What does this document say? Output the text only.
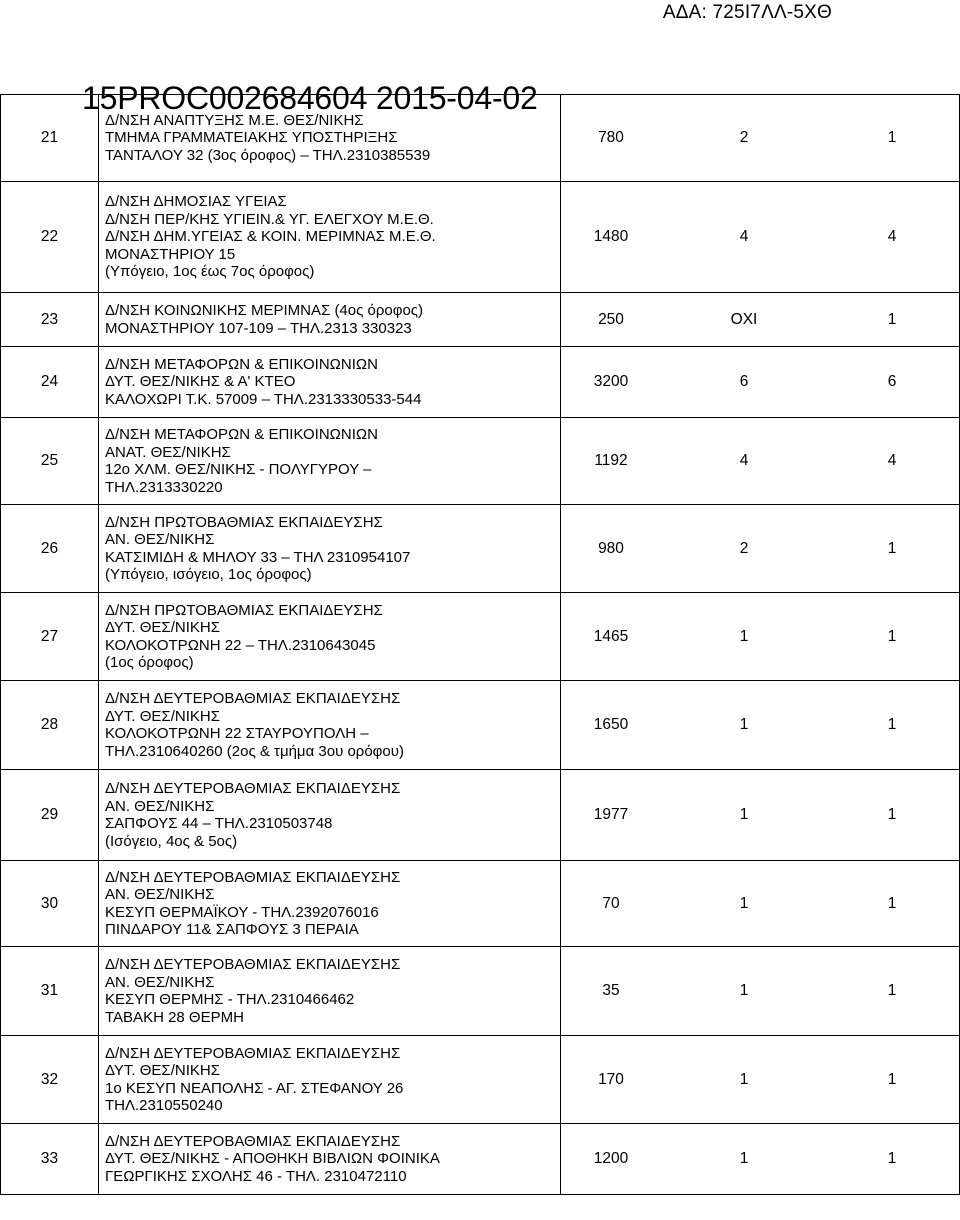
ΑΔΑ: 725Ι7ΛΛ-5ΧΘ
21	Δ/ΝΣΗ ΑΝΑΠΤΥΞΗΣ Μ.Ε. ΘΕΣ/ΝΙΚΗΣ
ΤΜΗΜΑ ΓΡΑΜΜΑΤΕΙΑΚΗΣ ΥΠΟΣΤΗΡΙΞΗΣ
ΤΑΝΤΑΛΟΥ 32 (3ος όροφος) – ΤΗΛ.2310385539	780 2 1

22	Δ/ΝΣΗ ΔΗΜΟΣΙΑΣ ΥΓΕΙΑΣ
Δ/ΝΣΗ ΠΕΡ/ΚΗΣ ΥΓΙΕΙΝ.& ΥΓ. ΕΛΕΓΧΟΥ Μ.Ε.Θ.
Δ/ΝΣΗ ΔΗΜ.ΥΓΕΙΑΣ & ΚΟΙΝ. ΜΕΡΙΜΝΑΣ Μ.Ε.Θ.
ΜΟΝΑΣΤΗΡΙΟΥ 15
(Υπόγειο, 1ος έως 7ος όροφος)	1480 4 4

23	Δ/ΝΣΗ ΚΟΙΝΩΝΙΚΗΣ ΜΕΡΙΜΝΑΣ (4ος όροφος)
ΜΟΝΑΣΤΗΡΙΟΥ 107-109 – ΤΗΛ.2313 330323	250 ΟΧΙ 1

24	Δ/ΝΣΗ ΜΕΤΑΦΟΡΩΝ & ΕΠΙΚΟΙΝΩΝΙΩΝ
ΔΥΤ. ΘΕΣ/ΝΙΚΗΣ & Α' ΚΤΕΟ
ΚΑΛΟΧΩΡΙ Τ.Κ. 57009 – ΤΗΛ.2313330533-544	3200 6 6

25	Δ/ΝΣΗ ΜΕΤΑΦΟΡΩΝ & ΕΠΙΚΟΙΝΩΝΙΩΝ
ΑΝΑΤ. ΘΕΣ/ΝΙΚΗΣ
12ο ΧΛΜ. ΘΕΣ/ΝΙΚΗΣ - ΠΟΛΥΓΥΡΟΥ –
ΤΗΛ.2313330220	1192 4 4

26	Δ/ΝΣΗ ΠΡΩΤΟΒΑΘΜΙΑΣ ΕΚΠΑΙΔΕΥΣΗΣ
ΑΝ. ΘΕΣ/ΝΙΚΗΣ
ΚΑΤΣΙΜΙΔΗ & ΜΗΛΟΥ 33 – ΤΗΛ 2310954107
(Υπόγειο, ισόγειο, 1ος όροφος)	980 2 1

27	Δ/ΝΣΗ ΠΡΩΤΟΒΑΘΜΙΑΣ ΕΚΠΑΙΔΕΥΣΗΣ
ΔΥΤ. ΘΕΣ/ΝΙΚΗΣ
ΚΟΛΟΚΟΤΡΩΝΗ 22 – ΤΗΛ.2310643045
(1ος όροφος)	1465 1 1

28	Δ/ΝΣΗ ΔΕΥΤΕΡΟΒΑΘΜΙΑΣ ΕΚΠΑΙΔΕΥΣΗΣ
ΔΥΤ. ΘΕΣ/ΝΙΚΗΣ
ΚΟΛΟΚΟΤΡΩΝΗ 22 ΣΤΑΥΡΟΥΠΟΛΗ –
ΤΗΛ.2310640260 (2ος & τμήμα 3ου ορόφου)	1650 1 1

29	Δ/ΝΣΗ ΔΕΥΤΕΡΟΒΑΘΜΙΑΣ ΕΚΠΑΙΔΕΥΣΗΣ
ΑΝ. ΘΕΣ/ΝΙΚΗΣ
ΣΑΠΦΟΥΣ 44 – ΤΗΛ.2310503748
(Ισόγειο, 4ος & 5ος)	1977 1 1

30	Δ/ΝΣΗ ΔΕΥΤΕΡΟΒΑΘΜΙΑΣ ΕΚΠΑΙΔΕΥΣΗΣ
ΑΝ. ΘΕΣ/ΝΙΚΗΣ
ΚΕΣΥΠ ΘΕΡΜΑΪΚΟΥ - ΤΗΛ.2392076016
ΠΙΝΔΑΡΟΥ 11& ΣΑΠΦΟΥΣ 3 ΠΕΡΑΙΑ	70 1 1

31	Δ/ΝΣΗ ΔΕΥΤΕΡΟΒΑΘΜΙΑΣ ΕΚΠΑΙΔΕΥΣΗΣ
ΑΝ. ΘΕΣ/ΝΙΚΗΣ
ΚΕΣΥΠ ΘΕΡΜΗΣ - ΤΗΛ.2310466462
ΤΑΒΑΚΗ 28 ΘΕΡΜΗ	35 1 1

32	Δ/ΝΣΗ ΔΕΥΤΕΡΟΒΑΘΜΙΑΣ ΕΚΠΑΙΔΕΥΣΗΣ
ΔΥΤ. ΘΕΣ/ΝΙΚΗΣ
1ο ΚΕΣΥΠ ΝΕΑΠΟΛΗΣ - ΑΓ. ΣΤΕΦΑΝΟΥ 26
ΤΗΛ.2310550240	170 1 1

33	Δ/ΝΣΗ ΔΕΥΤΕΡΟΒΑΘΜΙΑΣ ΕΚΠΑΙΔΕΥΣΗΣ
ΔΥΤ. ΘΕΣ/ΝΙΚΗΣ - ΑΠΟΘΗΚΗ ΒΙΒΛΙΩΝ ΦΟΙΝΙΚΑ
ΓΕΩΡΓΙΚΗΣ ΣΧΟΛΗΣ 46 - ΤΗΛ. 2310472110	1200 1 1
15PROC002684604 2015-04-02
